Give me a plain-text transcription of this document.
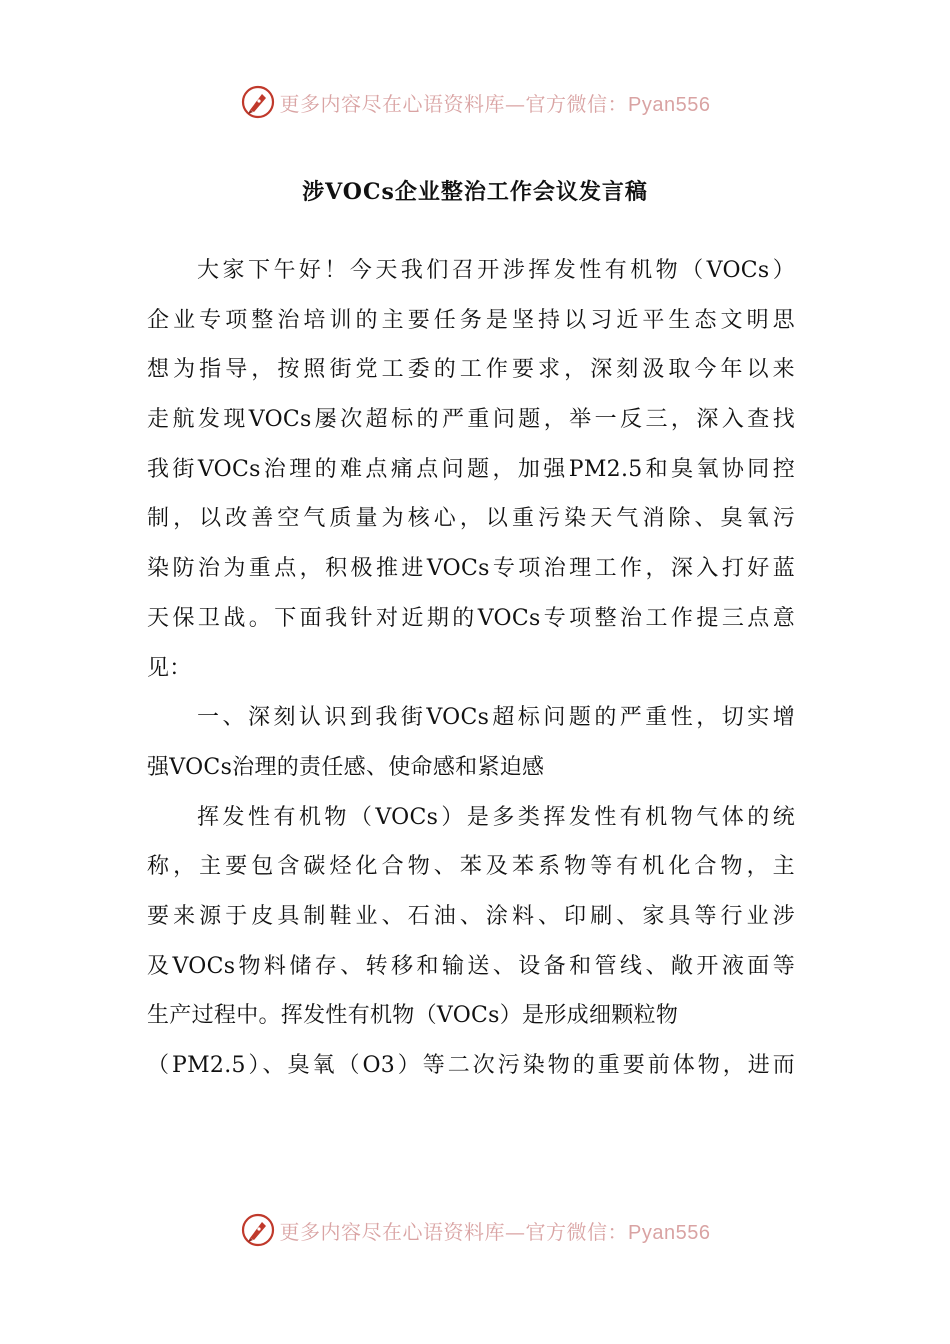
更多内容尽在心语资料库—官方微信：Pyan556
涉VOCs企业整治工作会议发言稿
大家下午好！今天我们召开涉挥发性有机物（VOCs）
企业专项整治培训的主要任务是坚持以习近平生态文明思
想为指导，按照街党工委的工作要求，深刻汲取今年以来
走航发现VOCs屡次超标的严重问题，举一反三，深入查找
我街VOCs治理的难点痛点问题，加强PM2.5和臭氧协同控
制，以改善空气质量为核心，以重污染天气消除、臭氧污
染防治为重点，积极推进VOCs专项治理工作，深入打好蓝
天保卫战。下面我针对近期的VOCs专项整治工作提三点意
见：
一、深刻认识到我街VOCs超标问题的严重性，切实增
强VOCs治理的责任感、使命感和紧迫感
挥发性有机物（VOCs）是多类挥发性有机物气体的统
称，主要包含碳烃化合物、苯及苯系物等有机化合物，主
要来源于皮具制鞋业、石油、涂料、印刷、家具等行业涉
及VOCs物料储存、转移和输送、设备和管线、敞开液面等
生产过程中。挥发性有机物（VOCs）是形成细颗粒物
（PM2.5）、臭氧（O3）等二次污染物的重要前体物，进而
更多内容尽在心语资料库—官方微信：Pyan556
